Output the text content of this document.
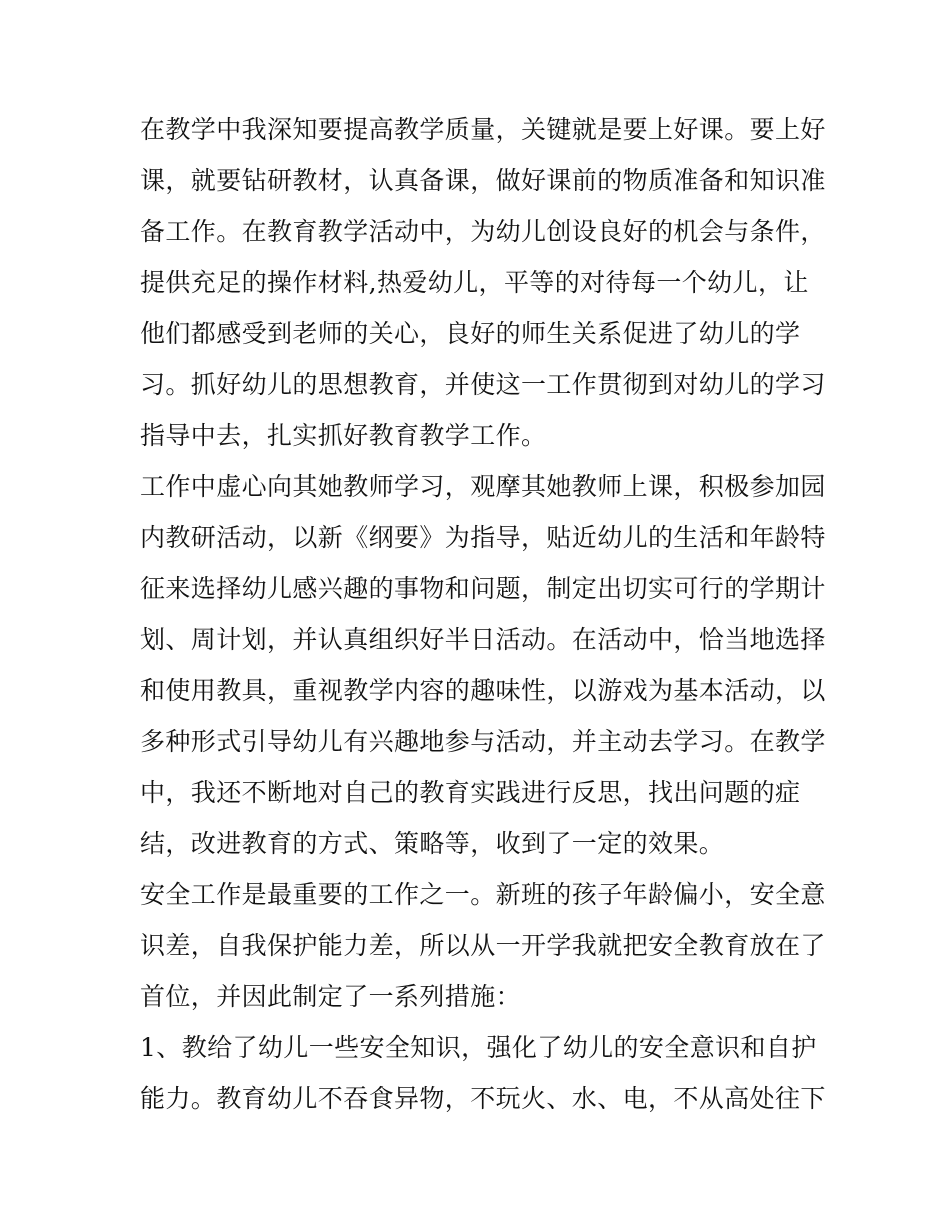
在教学中我深知要提高教学质量，关键就是要上好课。要上好
课，就要钻研教材，认真备课，做好课前的物质准备和知识准
备工作。在教育教学活动中，为幼儿创设良好的机会与条件，
提供充足的操作材料,热爱幼儿，平等的对待每一个幼儿，让
他们都感受到老师的关心，良好的师生关系促进了幼儿的学
习。抓好幼儿的思想教育，并使这一工作贯彻到对幼儿的学习
指导中去，扎实抓好教育教学工作。
工作中虚心向其她教师学习，观摩其她教师上课，积极参加园
内教研活动，以新《纲要》为指导，贴近幼儿的生活和年龄特
征来选择幼儿感兴趣的事物和问题，制定出切实可行的学期计
划、周计划，并认真组织好半日活动。在活动中，恰当地选择
和使用教具，重视教学内容的趣味性，以游戏为基本活动，以
多种形式引导幼儿有兴趣地参与活动，并主动去学习。在教学
中，我还不断地对自己的教育实践进行反思，找出问题的症
结，改进教育的方式、策略等，收到了一定的效果。
安全工作是最重要的工作之一。新班的孩子年龄偏小，安全意
识差，自我保护能力差，所以从一开学我就把安全教育放在了
首位，并因此制定了一系列措施：
1、教给了幼儿一些安全知识，强化了幼儿的安全意识和自护
能力。教育幼儿不吞食异物，不玩火、水、电，不从高处往下
